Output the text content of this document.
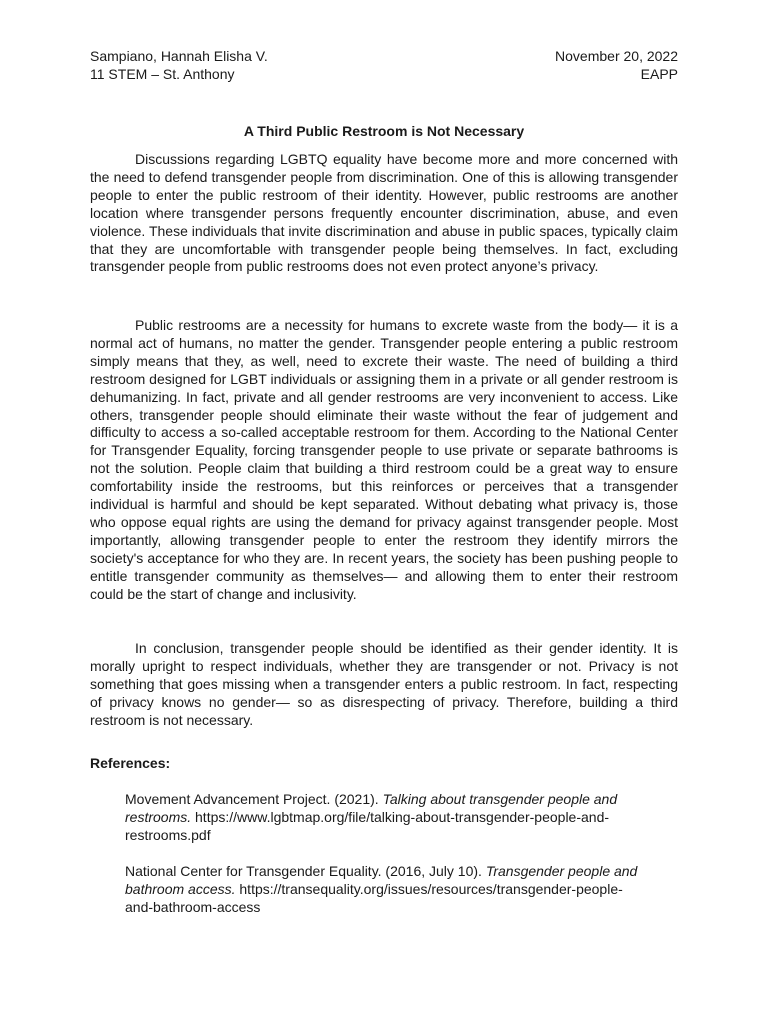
Sampiano, Hannah Elisha V.
11 STEM – St. Anthony
November 20, 2022
EAPP
A Third Public Restroom is Not Necessary

Discussions regarding LGBTQ equality have become more and more concerned with the need to defend transgender people from discrimination. One of this is allowing transgender people to enter the public restroom of their identity. However, public restrooms are another location where transgender persons frequently encounter discrimination, abuse, and even violence. These individuals that invite discrimination and abuse in public spaces, typically claim that they are uncomfortable with transgender people being themselves. In fact, excluding transgender people from public restrooms does not even protect anyone’s privacy.

Public restrooms are a necessity for humans to excrete waste from the body— it is a normal act of humans, no matter the gender. Transgender people entering a public restroom simply means that they, as well, need to excrete their waste. The need of building a third restroom designed for LGBT individuals or assigning them in a private or all gender restroom is dehumanizing. In fact, private and all gender restrooms are very inconvenient to access. Like others, transgender people should eliminate their waste without the fear of judgement and difficulty to access a so-called acceptable restroom for them. According to the National Center for Transgender Equality, forcing transgender people to use private or separate bathrooms is not the solution. People claim that building a third restroom could be a great way to ensure comfortability inside the restrooms, but this reinforces or perceives that a transgender individual is harmful and should be kept separated. Without debating what privacy is, those who oppose equal rights are using the demand for privacy against transgender people. Most importantly, allowing transgender people to enter the restroom they identify mirrors the society's acceptance for who they are. In recent years, the society has been pushing people to entitle transgender community as themselves— and allowing them to enter their restroom could be the start of change and inclusivity.

In conclusion, transgender people should be identified as their gender identity. It is morally upright to respect individuals, whether they are transgender or not. Privacy is not something that goes missing when a transgender enters a public restroom. In fact, respecting of privacy knows no gender— so as disrespecting of privacy. Therefore, building a third restroom is not necessary.

References:

Movement Advancement Project. (2021). Talking about transgender people and restrooms. https://www.lgbtmap.org/file/talking-about-transgender-people-and-restrooms.pdf

National Center for Transgender Equality. (2016, July 10). Transgender people and bathroom access. https://transequality.org/issues/resources/transgender-people-and-bathroom-access
